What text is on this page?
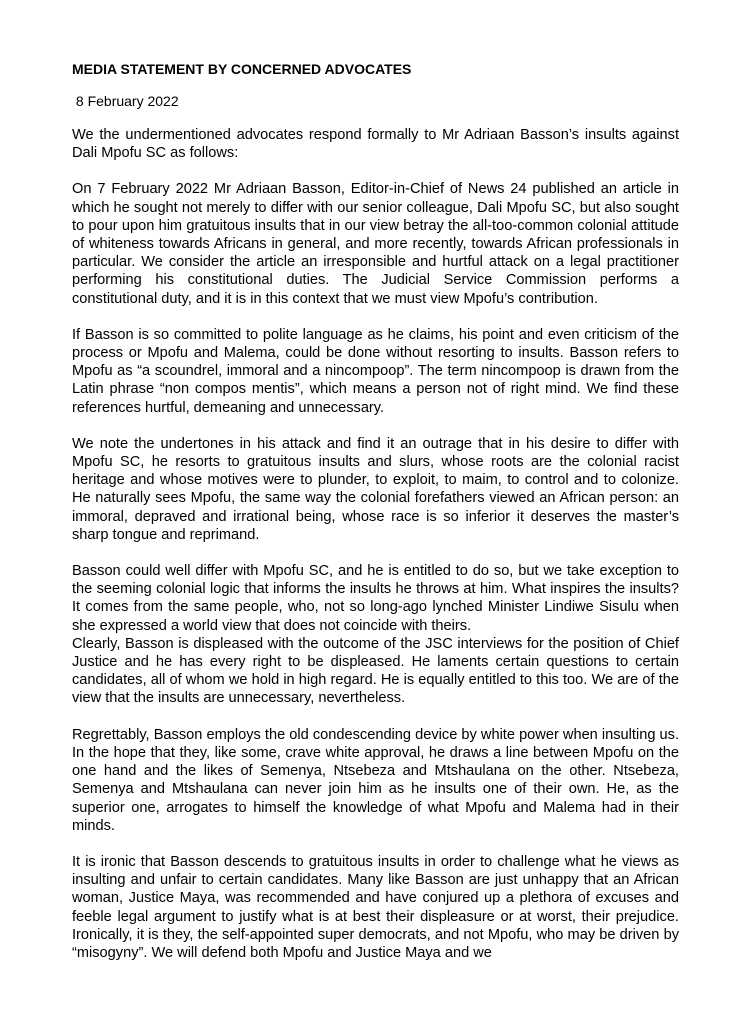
MEDIA STATEMENT BY CONCERNED ADVOCATES
8 February 2022

We the undermentioned advocates respond formally to Mr Adriaan Basson’s insults against Dali Mpofu SC as follows:

On 7 February 2022 Mr Adriaan Basson, Editor-in-Chief of News 24 published an article in which he sought not merely to differ with our senior colleague, Dali Mpofu SC, but also sought to pour upon him gratuitous insults that in our view betray the all-too-common colonial attitude of whiteness towards Africans in general, and more recently, towards African professionals in particular. We consider the article an irresponsible and hurtful attack on a legal practitioner performing his constitutional duties. The Judicial Service Commission performs a constitutional duty, and it is in this context that we must view Mpofu’s contribution.

If Basson is so committed to polite language as he claims, his point and even criticism of the process or Mpofu and Malema, could be done without resorting to insults. Basson refers to Mpofu as “a scoundrel, immoral and a nincompoop”. The term nincompoop is drawn from the Latin phrase “non compos mentis”, which means a person not of right mind. We find these references hurtful, demeaning and unnecessary.

We note the undertones in his attack and find it an outrage that in his desire to differ with Mpofu SC, he resorts to gratuitous insults and slurs, whose roots are the colonial racist heritage and whose motives were to plunder, to exploit, to maim, to control and to colonize. He naturally sees Mpofu, the same way the colonial forefathers viewed an African person: an immoral, depraved and irrational being, whose race is so inferior it deserves the master’s sharp tongue and reprimand.

Basson could well differ with Mpofu SC, and he is entitled to do so, but we take exception to the seeming colonial logic that informs the insults he throws at him. What inspires the insults? It comes from the same people, who, not so long-ago lynched Minister Lindiwe Sisulu when she expressed a world view that does not coincide with theirs.

Clearly, Basson is displeased with the outcome of the JSC interviews for the position of Chief Justice and he has every right to be displeased. He laments certain questions to certain candidates, all of whom we hold in high regard. He is equally entitled to this too. We are of the view that the insults are unnecessary, nevertheless.

Regrettably, Basson employs the old condescending device by white power when insulting us. In the hope that they, like some, crave white approval, he draws a line between Mpofu on the one hand and the likes of Semenya, Ntsebeza and Mtshaulana on the other. Ntsebeza, Semenya and Mtshaulana can never join him as he insults one of their own. He, as the superior one, arrogates to himself the knowledge of what Mpofu and Malema had in their minds.

It is ironic that Basson descends to gratuitous insults in order to challenge what he views as insulting and unfair to certain candidates. Many like Basson are just unhappy that an African woman, Justice Maya, was recommended and have conjured up a plethora of excuses and feeble legal argument to justify what is at best their displeasure or at worst, their prejudice. Ironically, it is they, the self-appointed super democrats, and not Mpofu, who may be driven by “misogyny”. We will defend both Mpofu and Justice Maya and we
